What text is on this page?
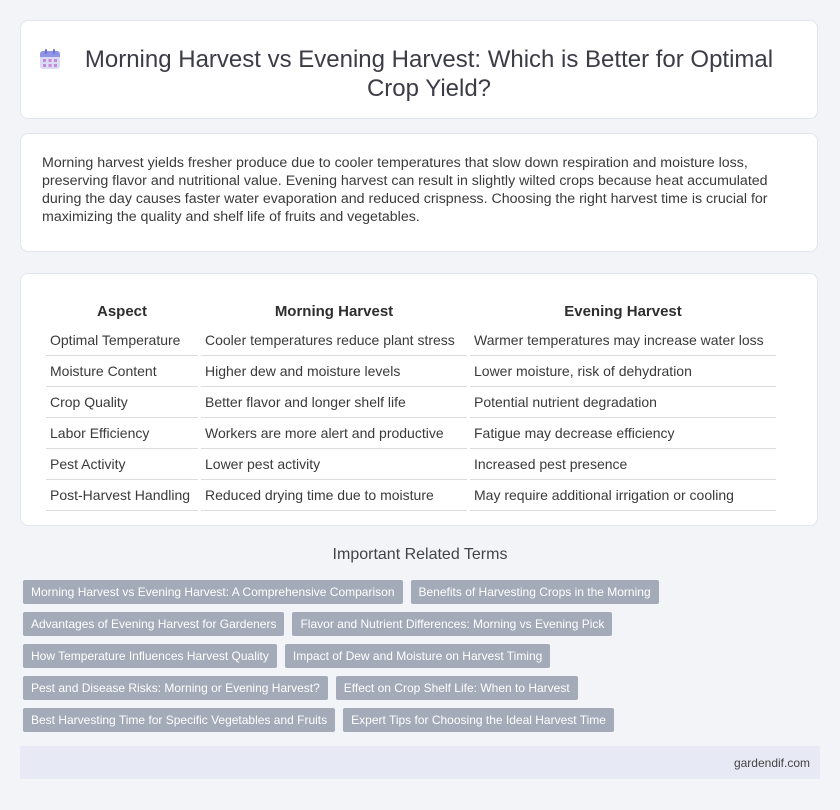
Morning Harvest vs Evening Harvest: Which is Better for Optimal Crop Yield?

Morning harvest yields fresher produce due to cooler temperatures that slow down respiration and moisture loss, preserving flavor and nutritional value. Evening harvest can result in slightly wilted crops because heat accumulated during the day causes faster water evaporation and reduced crispness. Choosing the right harvest time is crucial for maximizing the quality and shelf life of fruits and vegetables.

Aspect	Morning Harvest	Evening Harvest
Optimal Temperature	Cooler temperatures reduce plant stress	Warmer temperatures may increase water loss
Moisture Content	Higher dew and moisture levels	Lower moisture, risk of dehydration
Crop Quality	Better flavor and longer shelf life	Potential nutrient degradation
Labor Efficiency	Workers are more alert and productive	Fatigue may decrease efficiency
Pest Activity	Lower pest activity	Increased pest presence
Post-Harvest Handling	Reduced drying time due to moisture	May require additional irrigation or cooling
Important Related Terms
Morning Harvest vs Evening Harvest: A Comprehensive Comparison	Benefits of Harvesting Crops in the Morning
Advantages of Evening Harvest for Gardeners	Flavor and Nutrient Differences: Morning vs Evening Pick
How Temperature Influences Harvest Quality	Impact of Dew and Moisture on Harvest Timing
Pest and Disease Risks: Morning or Evening Harvest?	Effect on Crop Shelf Life: When to Harvest
Best Harvesting Time for Specific Vegetables and Fruits	Expert Tips for Choosing the Ideal Harvest Time
gardendif.com
